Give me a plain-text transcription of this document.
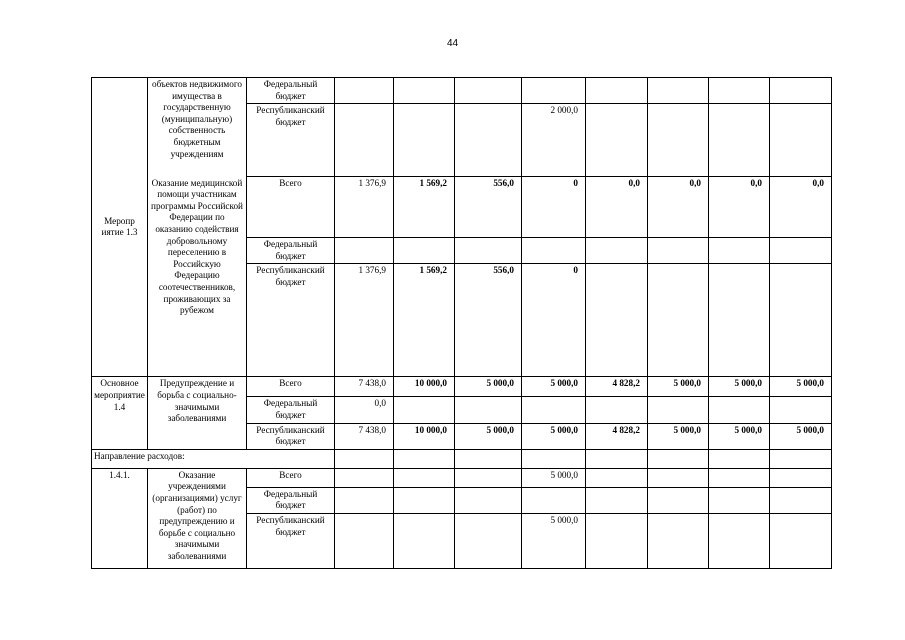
44
Меропр иятие 1.3	объектов недвижимого имущества в государственную (муниципальную) собственность бюджетным учреждениям	Федеральный бюджет								
		Республиканский бюджет				2 000,0				
	Оказание медицинской помощи участникам программы Российской Федерации по оказанию содействия добровольному переселению в Российскую Федерацию соотечественников, проживающих за рубежом	Всего	1 376,9	1 569,2	556,0	0	0,0	0,0	0,0	0,0
		Федеральный бюджет								
		Республиканский бюджет	1 376,9	1 569,2	556,0	0				
Основное мероприятие 1.4	Предупреждение и борьба с социально-значимыми заболеваниями	Всего	7 438,0	10 000,0	5 000,0	5 000,0	4 828,2	5 000,0	5 000,0	5 000,0
		Федеральный бюджет	0,0							
		Республиканский бюджет	7 438,0	10 000,0	5 000,0	5 000,0	4 828,2	5 000,0	5 000,0	5 000,0
Направление расходов:										
1.4.1.	Оказание учреждениями (организациями) услуг (работ) по предупреждению и борьбе с социально значимыми заболеваниями	Всего				5 000,0				
		Федеральный бюджет								
		Республиканский бюджет				5 000,0				
